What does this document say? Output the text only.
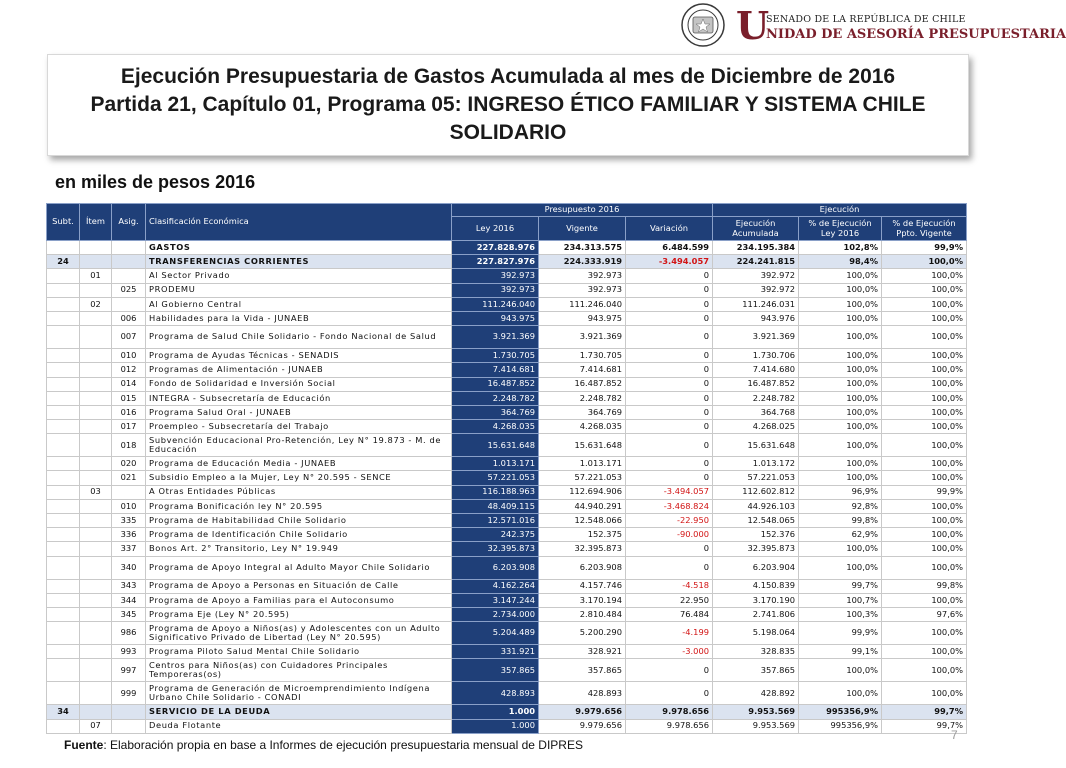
U
SENADO DE LA REPÚBLICA DE CHILE
NIDAD DE ASESORÍA PRESUPUESTARIA
Ejecución Presupuestaria de Gastos Acumulada al mes de Diciembre de 2016
Partida 21, Capítulo 01, Programa 05: INGRESO ÉTICO FAMILIAR Y SISTEMA CHILE
SOLIDARIO
en miles de pesos 2016
Subt.	Ítem	Asig.	Clasificación Económica	Presupuesto 2016			Ejecución		
				Ley 2016	Vigente	Variación	Ejecución Acumulada	% de Ejecución Ley 2016	% de Ejecución Ppto. Vigente
			GASTOS	227.828.976	234.313.575	6.484.599	234.195.384	102,8%	99,9%
24			TRANSFERENCIAS CORRIENTES	227.827.976	224.333.919	-3.494.057	224.241.815	98,4%	100,0%
	01		Al Sector Privado	392.973	392.973	0	392.972	100,0%	100,0%
		025	PRODEMU	392.973	392.973	0	392.972	100,0%	100,0%
	02		Al Gobierno Central	111.246.040	111.246.040	0	111.246.031	100,0%	100,0%
		006	Habilidades para la Vida - JUNAEB	943.975	943.975	0	943.976	100,0%	100,0%
		007	Programa de Salud Chile Solidario - Fondo Nacional de Salud	3.921.369	3.921.369	0	3.921.369	100,0%	100,0%
		010	Programa de Ayudas Técnicas - SENADIS	1.730.705	1.730.705	0	1.730.706	100,0%	100,0%
		012	Programas de Alimentación - JUNAEB	7.414.681	7.414.681	0	7.414.680	100,0%	100,0%
		014	Fondo de Solidaridad e Inversión Social	16.487.852	16.487.852	0	16.487.852	100,0%	100,0%
		015	INTEGRA - Subsecretaría de Educación	2.248.782	2.248.782	0	2.248.782	100,0%	100,0%
		016	Programa Salud Oral - JUNAEB	364.769	364.769	0	364.768	100,0%	100,0%
		017	Proempleo - Subsecretaría del Trabajo	4.268.035	4.268.035	0	4.268.025	100,0%	100,0%
		018	Subvención Educacional Pro-Retención, Ley N° 19.873 - M. de Educación	15.631.648	15.631.648	0	15.631.648	100,0%	100,0%
		020	Programa de Educación Media - JUNAEB	1.013.171	1.013.171	0	1.013.172	100,0%	100,0%
		021	Subsidio Empleo a la Mujer, Ley N° 20.595 - SENCE	57.221.053	57.221.053	0	57.221.053	100,0%	100,0%
	03		A Otras Entidades Públicas	116.188.963	112.694.906	-3.494.057	112.602.812	96,9%	99,9%
		010	Programa Bonificación ley N° 20.595	48.409.115	44.940.291	-3.468.824	44.926.103	92,8%	100,0%
		335	Programa de Habitabilidad Chile Solidario	12.571.016	12.548.066	-22.950	12.548.065	99,8%	100,0%
		336	Programa de Identificación Chile Solidario	242.375	152.375	-90.000	152.376	62,9%	100,0%
		337	Bonos Art. 2° Transitorio, Ley N° 19.949	32.395.873	32.395.873	0	32.395.873	100,0%	100,0%
		340	Programa de Apoyo Integral al Adulto Mayor Chile Solidario	6.203.908	6.203.908	0	6.203.904	100,0%	100,0%
		343	Programa de Apoyo a Personas en Situación de Calle	4.162.264	4.157.746	-4.518	4.150.839	99,7%	99,8%
		344	Programa de Apoyo a Familias para el Autoconsumo	3.147.244	3.170.194	22.950	3.170.190	100,7%	100,0%
		345	Programa Eje (Ley N° 20.595)	2.734.000	2.810.484	76.484	2.741.806	100,3%	97,6%
		986	Programa de Apoyo a Niños(as) y Adolescentes con un Adulto Significativo Privado de Libertad (Ley N° 20.595)	5.204.489	5.200.290	-4.199	5.198.064	99,9%	100,0%
		993	Programa Piloto Salud Mental Chile Solidario	331.921	328.921	-3.000	328.835	99,1%	100,0%
		997	Centros para Niños(as) con Cuidadores Principales Temporeras(os)	357.865	357.865	0	357.865	100,0%	100,0%
		999	Programa de Generación de Microemprendimiento Indígena Urbano Chile Solidario - CONADI	428.893	428.893	0	428.892	100,0%	100,0%
34			SERVICIO DE LA DEUDA	1.000	9.979.656	9.978.656	9.953.569	995356,9%	99,7%
	07		Deuda Flotante	1.000	9.979.656	9.978.656	9.953.569	995356,9%	99,7%
Fuente: Elaboración propia en base a Informes de ejecución presupuestaria mensual de DIPRES
7
